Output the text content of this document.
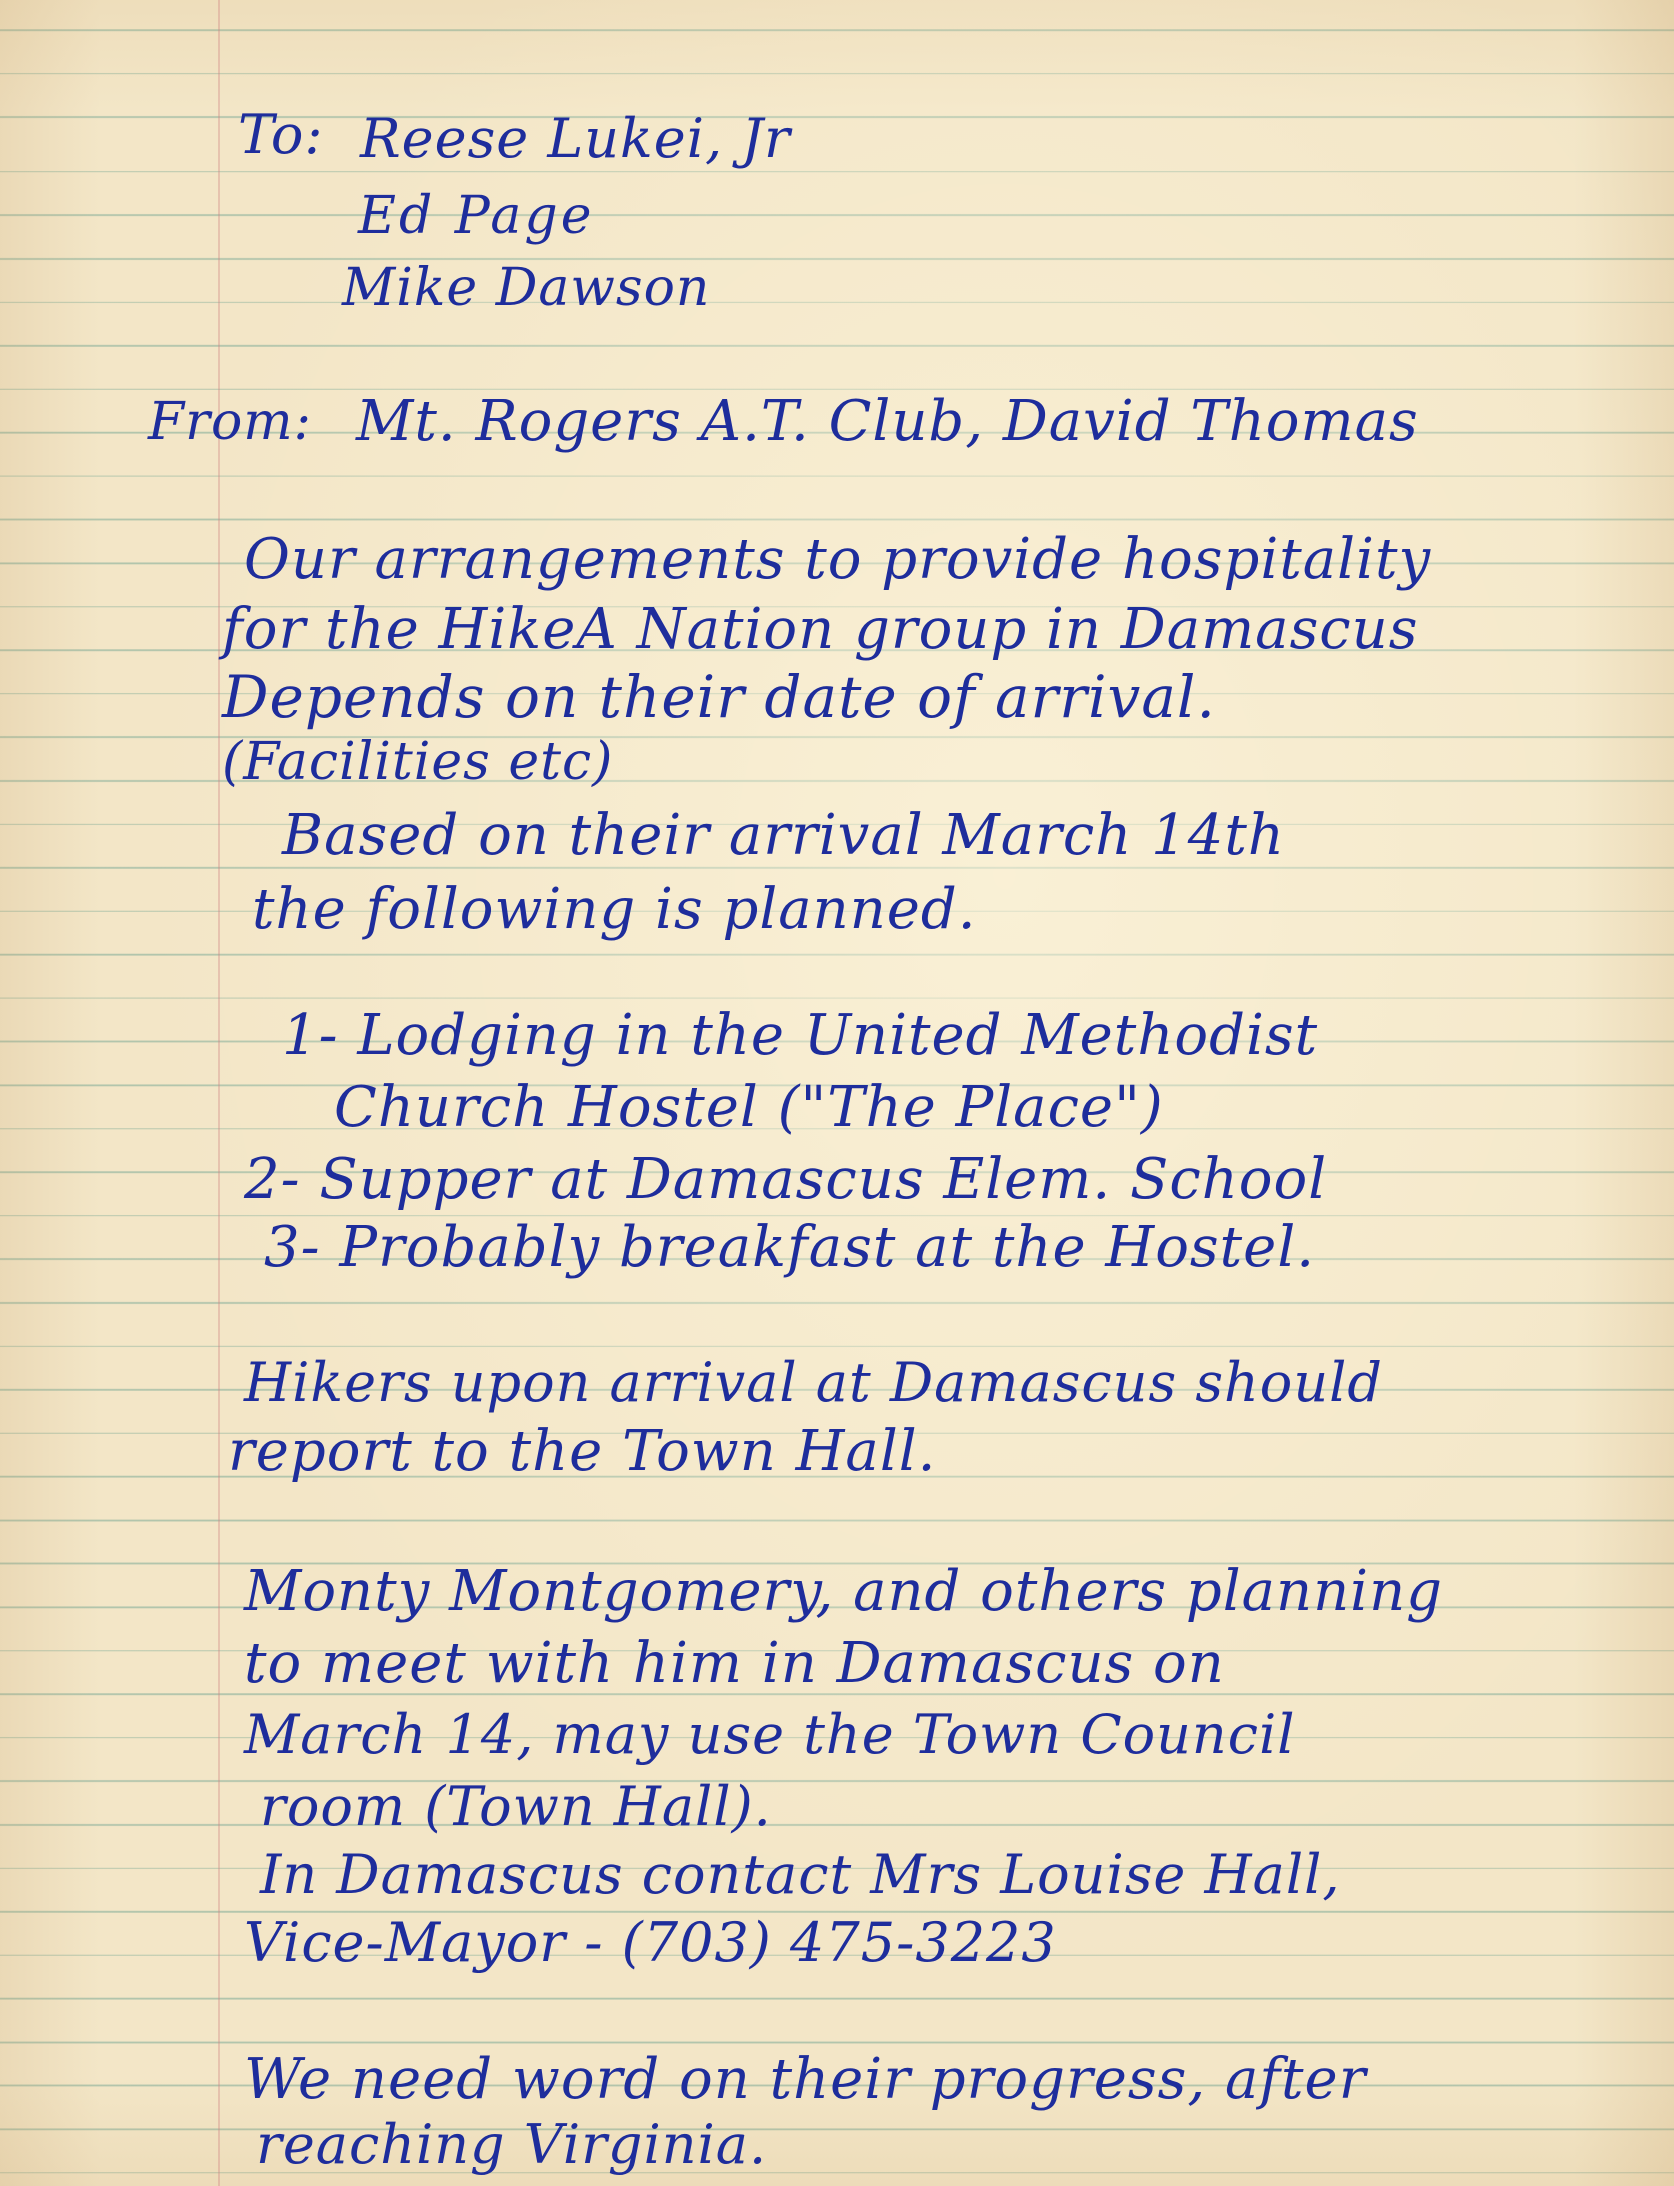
To: Reese Lukei, Jr

Ed Page

Mike Dawson

From: Mt. Rogers A.T. Club, David Thomas

Our arrangements to provide hospitality

for the HikeA Nation group in Damascus

Depends on their date of arrival.

(Facilities etc)

Based on their arrival March 14th

the following is planned.

1- Lodging in the United Methodist

Church Hostel ("The Place")

2- Supper at Damascus Elem. School

3- Probably breakfast at the Hostel.

Hikers upon arrival at Damascus should

report to the Town Hall.

Monty Montgomery, and others planning

to meet with him in Damascus on

March 14, may use the Town Council

room (Town Hall).

In Damascus contact Mrs Louise Hall,

Vice-Mayor - (703) 475-3223

We need word on their progress, after

reaching Virginia.
